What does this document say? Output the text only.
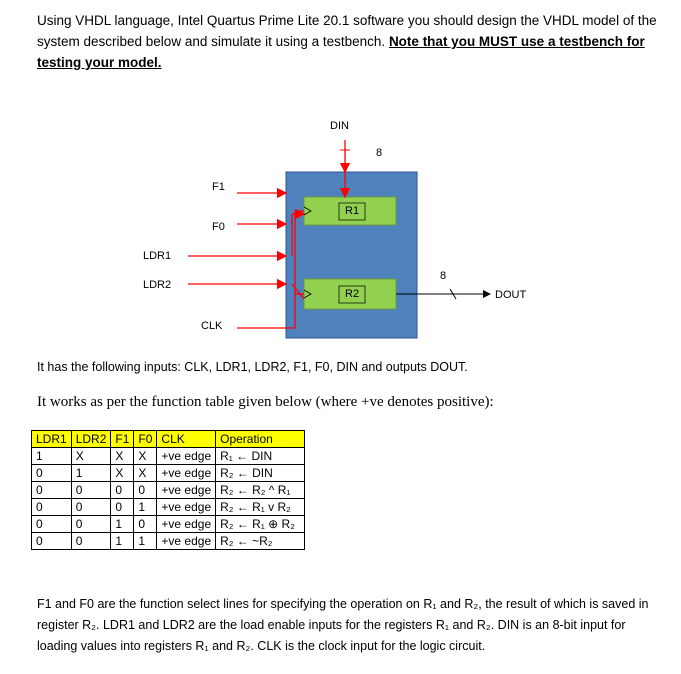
Using VHDL language, Intel Quartus Prime Lite 20.1 software you should design the VHDL model of the system described below and simulate it using a testbench. Note that you MUST use a testbench for testing your model.
DIN
8
F1
F0
LDR1
LDR2
CLK
R1
R2
8
DOUT
It has the following inputs: CLK, LDR1, LDR2, F1, F0, DIN and outputs DOUT.
It works as per the function table given below (where +ve denotes positive):
LDR1	LDR2	F1	F0	CLK	Operation
1	X	X	X	+ve edge	R₁ ← DIN
0	1	X	X	+ve edge	R₂ ← DIN
0	0	0	0	+ve edge	R₂ ← R₂ ^ R₁
0	0	0	1	+ve edge	R₂ ← R₁ v R₂
0	0	1	0	+ve edge	R₂ ← R₁ ⊕ R₂
0	0	1	1	+ve edge	R₂ ← ~R₂
F1 and F0 are the function select lines for specifying the operation on R₁ and R₂, the result of which is saved in register R₂. LDR1 and LDR2 are the load enable inputs for the registers R₁ and R₂. DIN is an 8-bit input for loading values into registers R₁ and R₂. CLK is the clock input for the logic circuit.
